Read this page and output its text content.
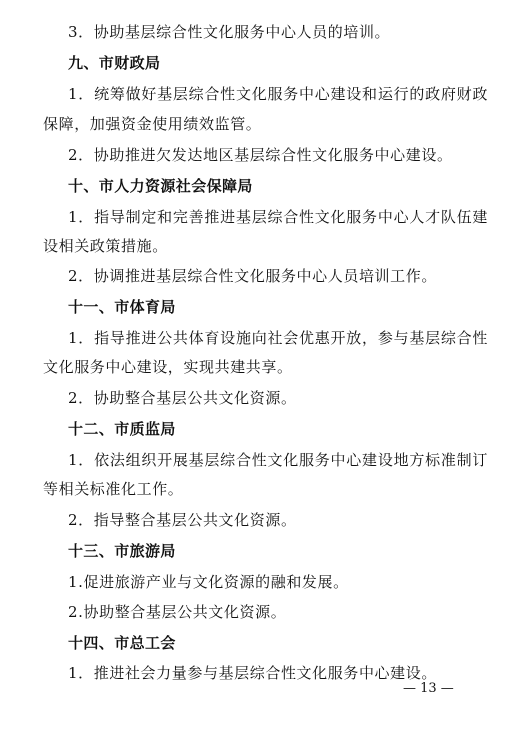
3．协助基层综合性文化服务中心人员的培训。
九、市财政局
1．统筹做好基层综合性文化服务中心建设和运行的政府财政
保障，加强资金使用绩效监管。
2．协助推进欠发达地区基层综合性文化服务中心建设。
十、市人力资源社会保障局
1．指导制定和完善推进基层综合性文化服务中心人才队伍建
设相关政策措施。
2．协调推进基层综合性文化服务中心人员培训工作。
十一、市体育局
1．指导推进公共体育设施向社会优惠开放，参与基层综合性
文化服务中心建设，实现共建共享。
2．协助整合基层公共文化资源。
十二、市质监局
1．依法组织开展基层综合性文化服务中心建设地方标准制订
等相关标准化工作。
2．指导整合基层公共文化资源。
十三、市旅游局
1.促进旅游产业与文化资源的融和发展。
2.协助整合基层公共文化资源。
十四、市总工会
1．推进社会力量参与基层综合性文化服务中心建设。
— 13 —
